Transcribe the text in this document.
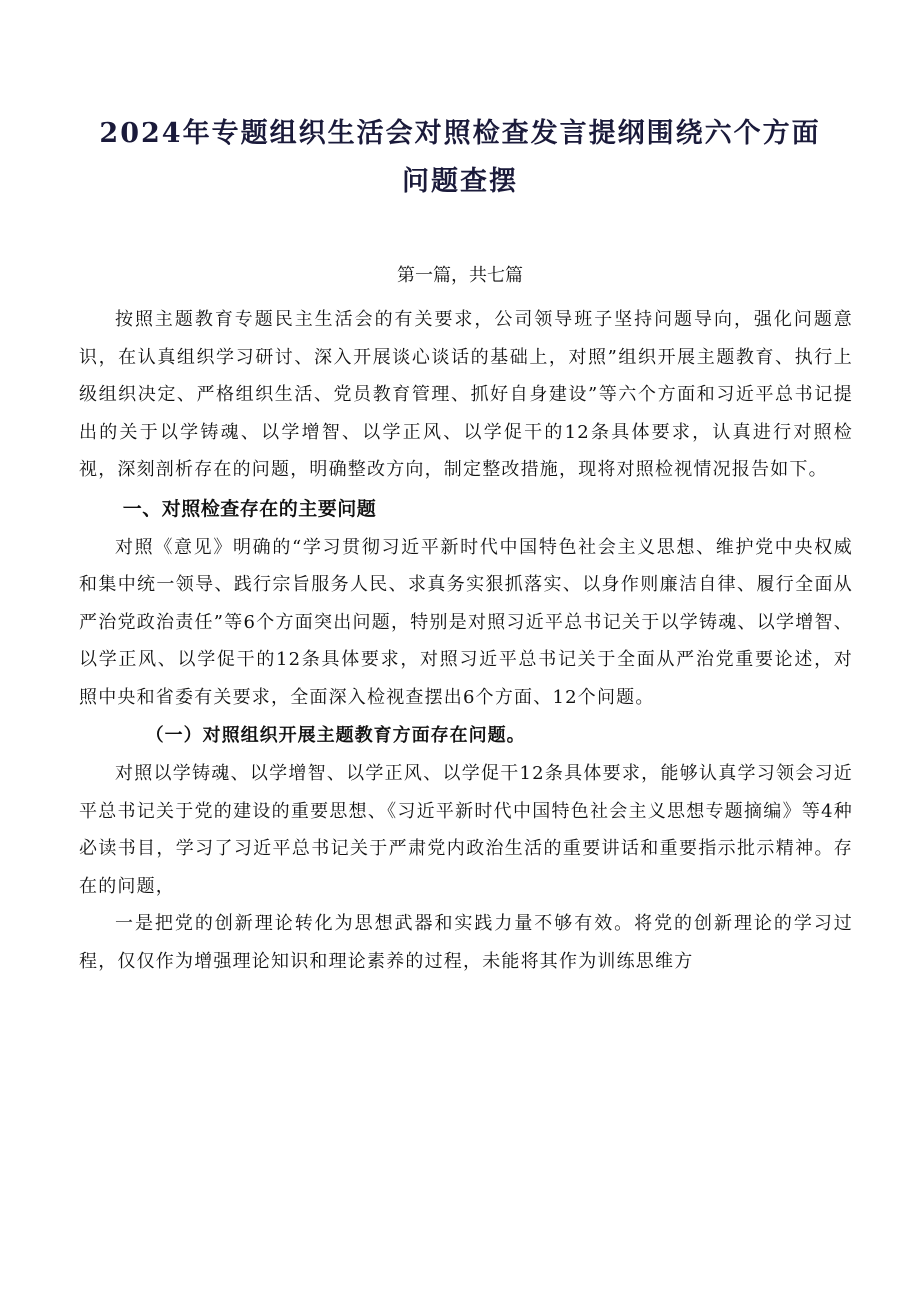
2024年专题组织生活会对照检查发言提纲围绕六个方面
问题查摆

第一篇，共七篇

按照主题教育专题民主生活会的有关要求，公司领导班子坚持问题导向，强化问题意识，在认真组织学习研讨、深入开展谈心谈话的基础上，对照”组织开展主题教育、执行上级组织决定、严格组织生活、党员教育管理、抓好自身建设”等六个方面和习近平总书记提出的关于以学铸魂、以学增智、以学正风、以学促干的12条具体要求，认真进行对照检视，深刻剖析存在的问题，明确整改方向，制定整改措施，现将对照检视情况报告如下。

一、对照检查存在的主要问题

对照《意见》明确的“学习贯彻习近平新时代中国特色社会主义思想、维护党中央权威和集中统一领导、践行宗旨服务人民、求真务实狠抓落实、以身作则廉洁自律、履行全面从严治党政治责任”等6个方面突出问题，特别是对照习近平总书记关于以学铸魂、以学增智、以学正风、以学促干的12条具体要求，对照习近平总书记关于全面从严治党重要论述，对照中央和省委有关要求，全面深入检视查摆出6个方面、12个问题。

（一）对照组织开展主题教育方面存在问题。

对照以学铸魂、以学增智、以学正风、以学促干12条具体要求，能够认真学习领会习近平总书记关于党的建设的重要思想、《习近平新时代中国特色社会主义思想专题摘编》等4种必读书目，学习了习近平总书记关于严肃党内政治生活的重要讲话和重要指示批示精神。存在的问题，

一是把党的创新理论转化为思想武器和实践力量不够有效。将党的创新理论的学习过程，仅仅作为增强理论知识和理论素养的过程，未能将其作为训练思维方
